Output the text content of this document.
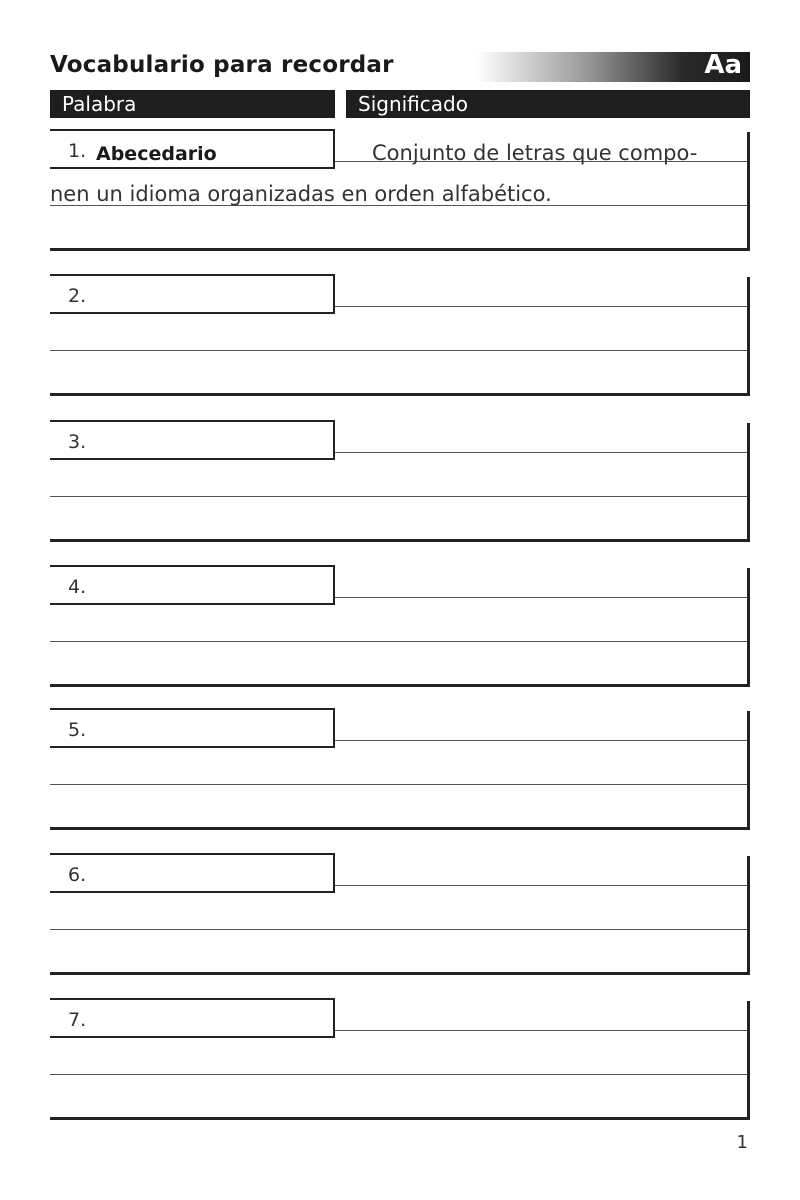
Vocabulario para recordar	Aa
Palabra	Significado
1. Abecedario	Conjunto de letras que compo-
nen un idioma organizadas en orden alfabético.
2.
3.
4.
5.
6.
7.
1
